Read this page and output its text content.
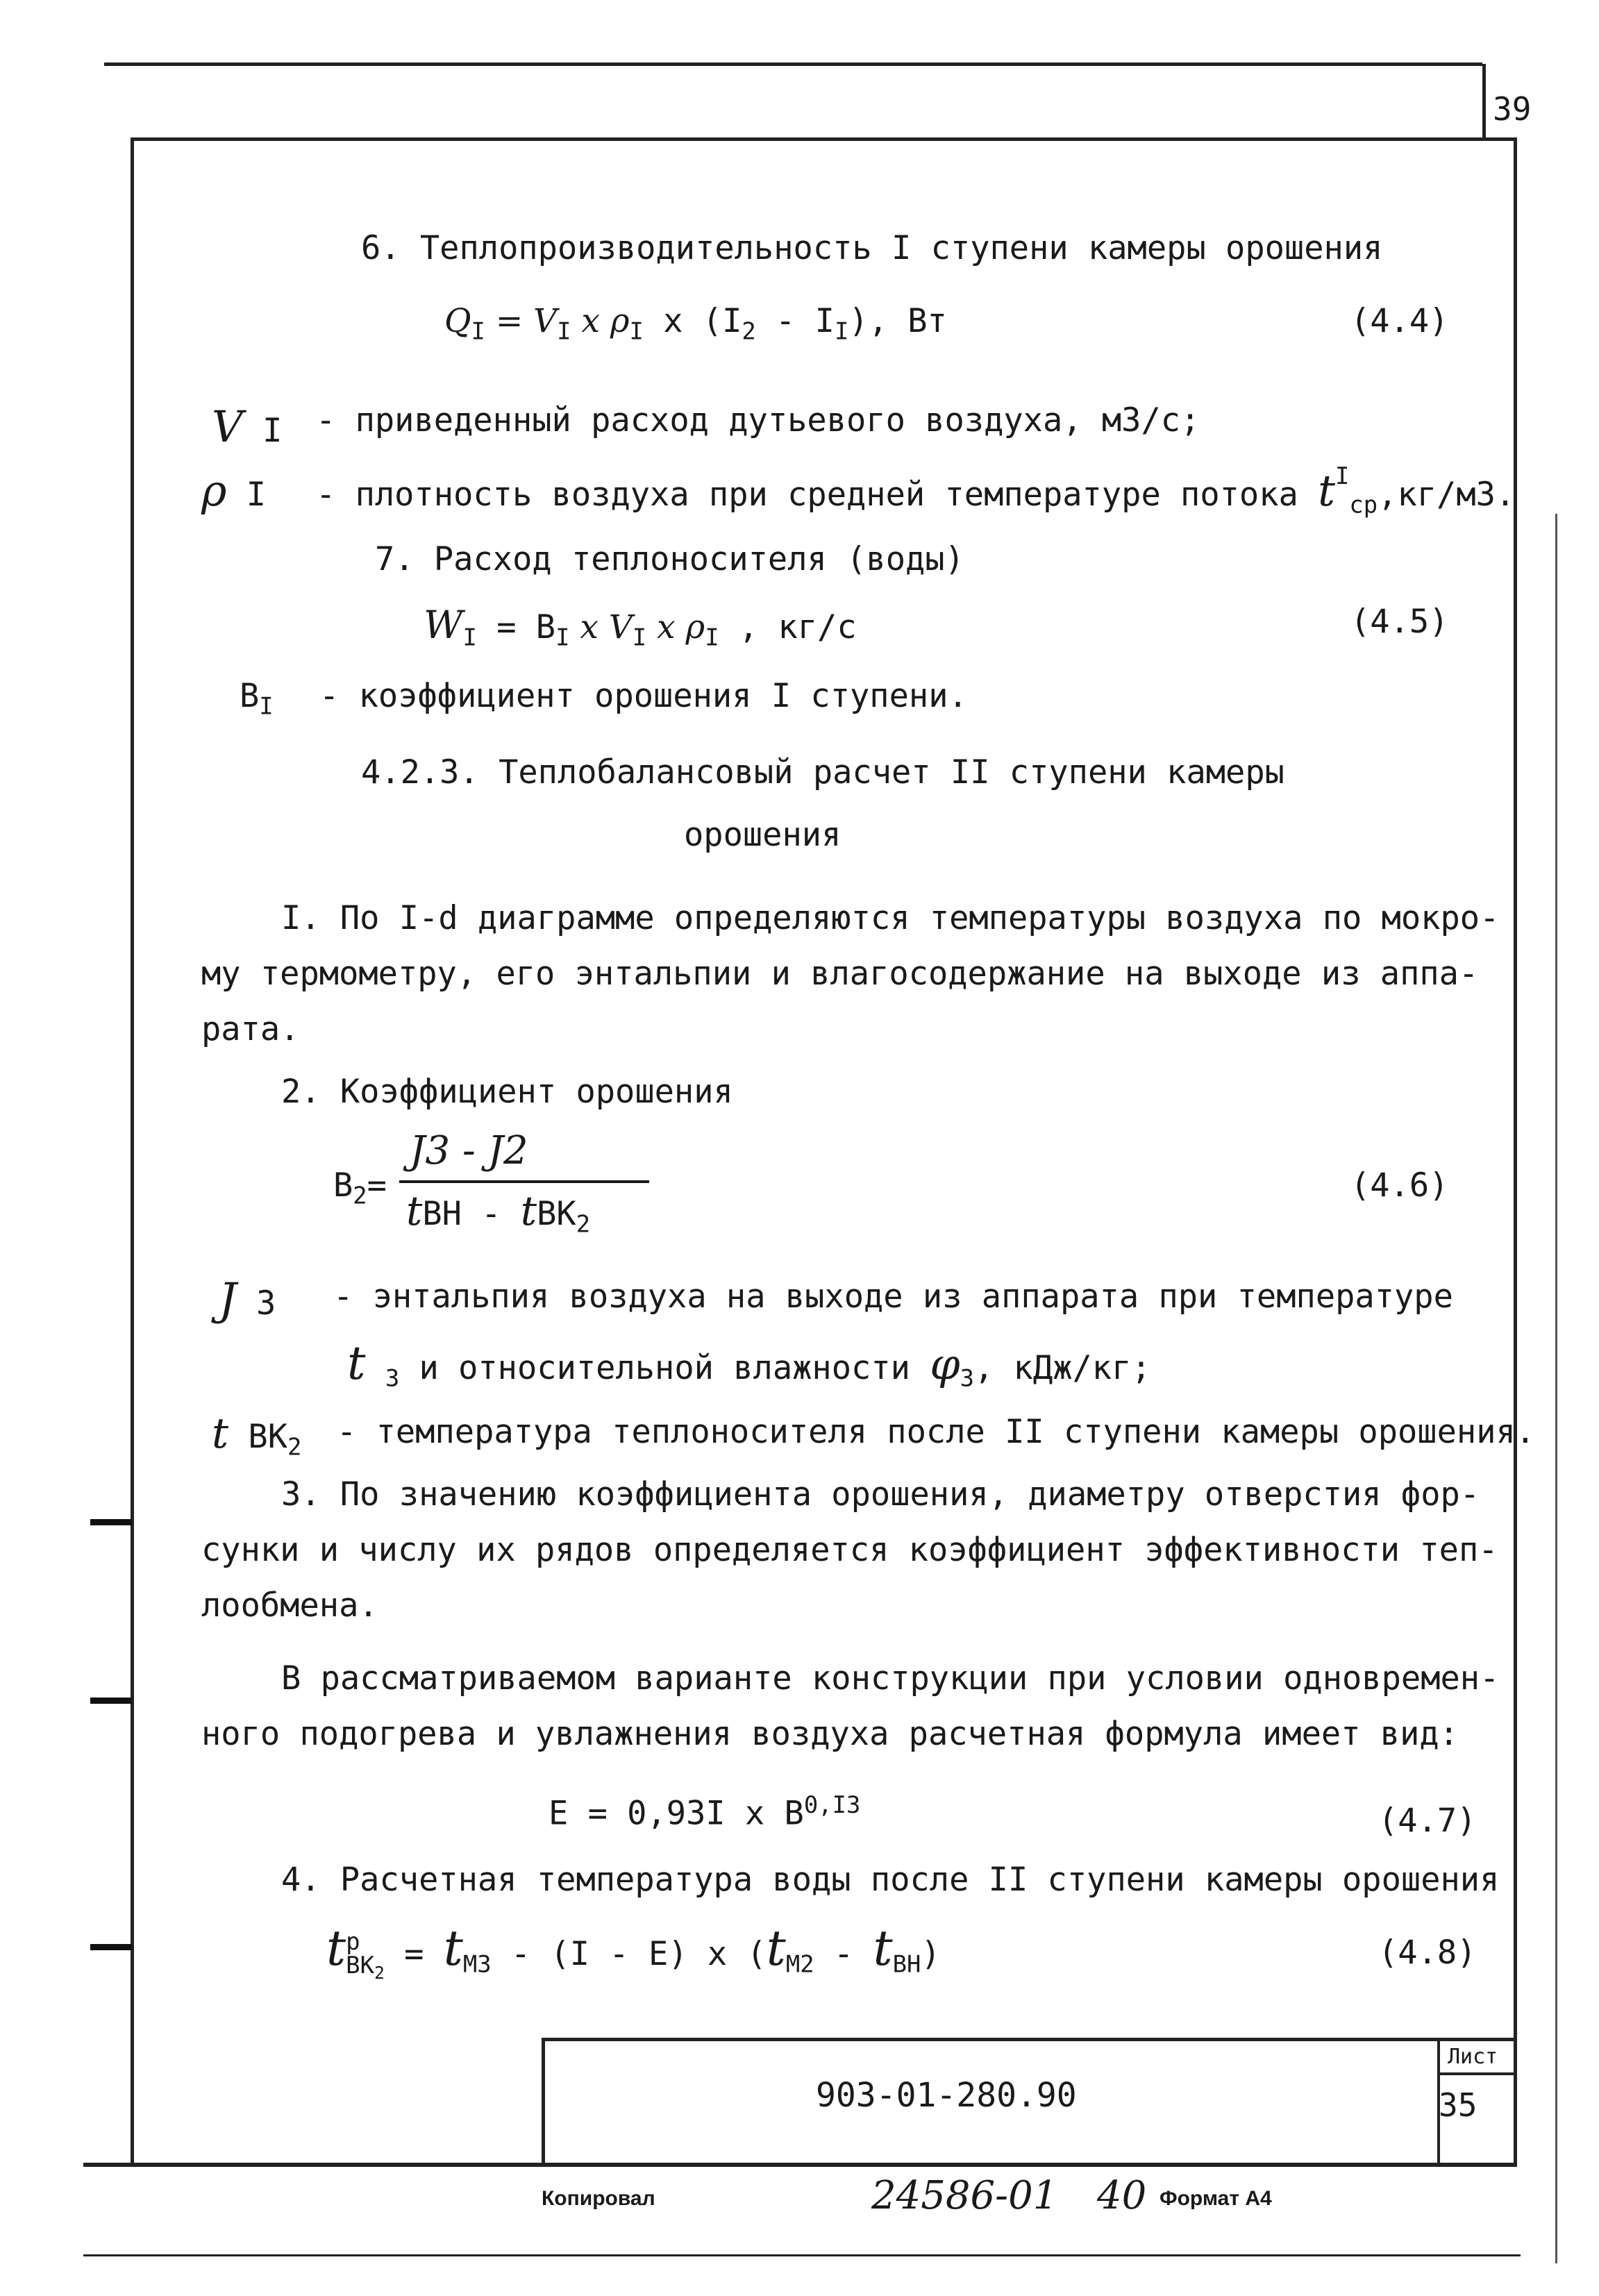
39
6. Теплопроизводительность I ступени камеры орошения
$Q_I = V_I$ x $\rho_I$ x $(I_2 - I_I)$, Вт	(4.4)
V I - приведенный расход дутьевого воздуха, м3/с;
ρ I - плотность воздуха при средней температуре потока $t^I_{ср},кг/м3$.
7. Расход теплоносителя (воды)
$W_I = B_I$ x $V_I$ x $\rho_I$ , кг/с	(4.5)
$B_I$ - коэффициент орошения I ступени.
4.2.3. Теплобалансовый расчет II ступени камеры
орошения
I. По I-d диаграмме определяются температуры воздуха по мокро-
му термометру, его энтальпии и влагосодержание на выходе из аппа-
рата.
2. Коэффициент орошения
$B_2=$
J3 - J2
tBH - tBK$_2$
(4.6)
J 3 - энтальпия воздуха на выходе из аппарата при температуре
t $_3$ и относительной влажности $\varphi_3$, кДж/кг;
t $BK_2$ - температура теплоносителя после II ступени камеры орошения.
3. По значению коэффициента орошения, диаметру отверстия фор-
сунки и числу их рядов определяется коэффициент эффективности теп-
лообмена.
В рассматриваемом варианте конструкции при условии одновремен-
ного подогрева и увлажнения воздуха расчетная формула имеет вид:
E = 0,93I x $B^{0,I3}$	(4.7)
4. Расчетная температура воды после II ступени камеры орошения
t р
$BK_2 = t_{M3} - (I - E)$ x $(t_{M2} - t_{BH})$	(4.8)
Лист
35
903-01-280.90
Копировал	24586-01 40 Формат А4
